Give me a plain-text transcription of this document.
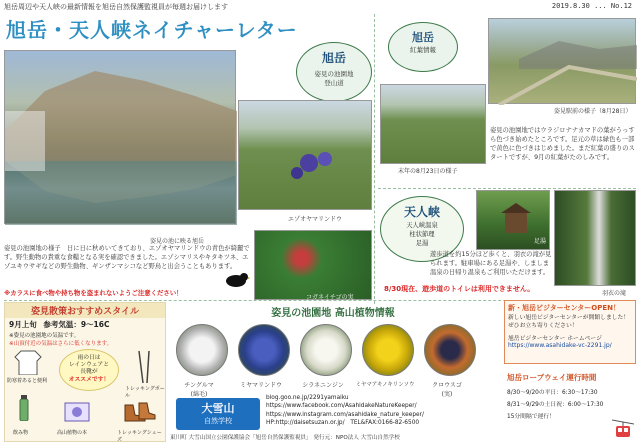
旭岳周辺や天人峡の最新情報を旭岳自然保護監視員が毎週お届けします	2019.8.30 ... No.12
旭岳・天人峡ネイチャーレター
姿見の池に映る旭岳
旭岳
姿見の池園地
登山道
エゾオヤマリンドウ
コガネイチゴの実
姿見の池園地の様子　日に日に秋めいてきており、エゾオヤマリンドウの青色が綺麗です。野生動物の貴重な食糧となる実を確認できました。エゾシマリスやキタキツネ、エゾユキウサギなどの野生動物、ギンザンマシコなど野鳥と出会うこともあります。
※カラスに食べ物や持ち物を盗まれないようご注意ください！
旭岳
紅葉情報
姿見駅前の様子（8月28日）
末年の8月23日の様子
姿見の池園地ではウラジロナナカマドの葉がうっすら色づき始めたところです。足元の草は緑色も一部で黄色に色づきはじめました。まだ紅葉の盛りのスタートですが、9月の紅葉がたのしみです。
天人峡
天人峡温泉
柱状節理
足湯	足湯
羽衣の滝
遊歩道を約15分ほど歩くと、羽衣の滝が見られます。駐車場にある足湯や、しましま温泉の日帰り温泉もご利用いただけます。
8/30現在、遊歩道のトイレは利用できません。
姿見散策おすすめスタイル
9月上旬 参考気温：9〜16C
※姿見の池園地の気温です。
※山頂付近の気温はさらに低くなります。
雨の日は
レインウェアと
長靴が
オススメです！
防寒着あると便利
飲み物	高山植物の本
トレッキングポール
トレッキングシューズ
姿見の池園地 高山植物情報
チングルマ
(綿毛)
ミヤマリンドウ	シラネニンジン	ミヤマアキノキリンソウ	クロウスゴ
(実)
大雪山
自然学校
blog.goo.ne.jp/2291yamaiku
https://www.facebook.com/AsahidakeNatureKeeper/
https://www.instagram.com/asahidake_nature_keeper/
HP:http://daisetsuzan.or.jp/　TEL&FAX:0166-82-6500
東川町 大雪山国立公園保護協会「旭岳自然保護監視員」 発行元：NPO法人 大雪山自然学校
新・旭岳ビジターセンターOPEN！
新しい旭岳ビジターセンターが開館しました！ぜひお立ち寄りください！
旭岳ビジターセンター ホームページ
https://www.asahidake-vc-2291.jp/
旭岳ロープウェイ運行時間
8/30〜9/20の平日：6:30〜17:30
8/31〜9/29の土日祝：6:00〜17:30
15分間隔で運行！
